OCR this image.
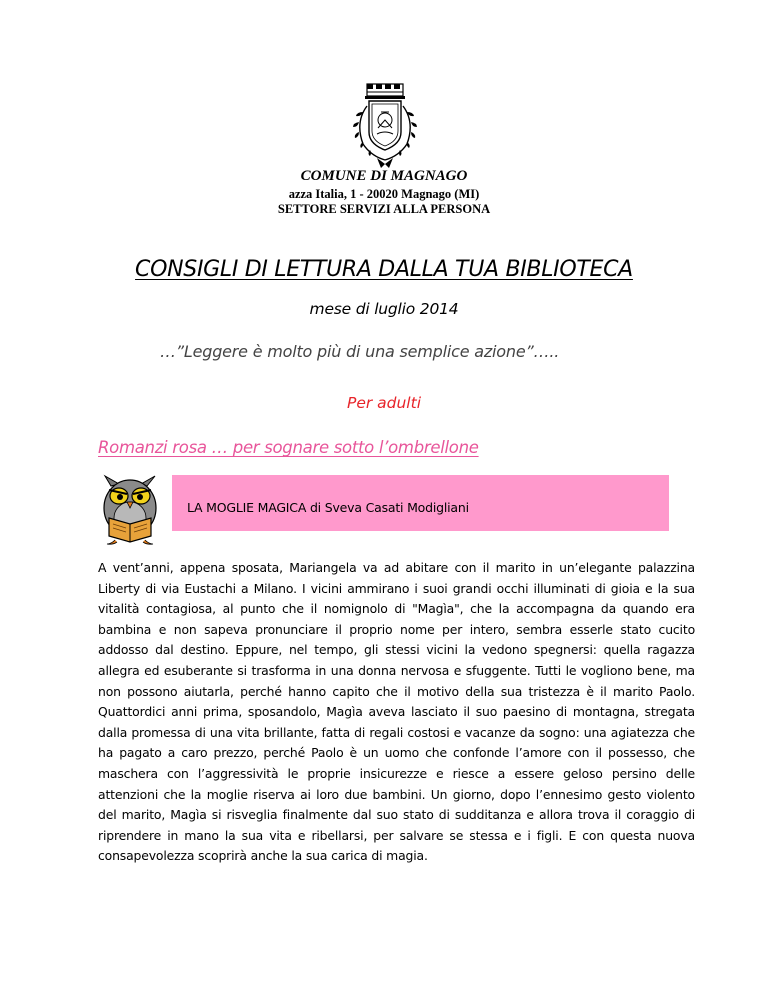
COMUNE DI MAGNAGO
azza Italia, 1 - 20020 Magnago (MI)
SETTORE SERVIZI ALLA PERSONA
CONSIGLI DI LETTURA DALLA TUA BIBLIOTECA
mese di luglio 2014
…”Leggere è molto più di una semplice azione”…..
Per adulti
Romanzi rosa … per sognare sotto l’ombrellone
LA MOGLIE MAGICA di Sveva Casati Modigliani
A vent’anni, appena sposata, Mariangela va ad abitare con il marito in un’elegante palazzina Liberty di via Eustachi a Milano. I vicini ammirano i suoi grandi occhi illuminati di gioia e la sua vitalità contagiosa, al punto che il nomignolo di "Magìa", che la accompagna da quando era bambina e non sapeva pronunciare il proprio nome per intero, sembra esserle stato cucito addosso dal destino. Eppure, nel tempo, gli stessi vicini la vedono spegnersi: quella ragazza allegra ed esuberante si trasforma in una donna nervosa e sfuggente. Tutti le vogliono bene, ma non possono aiutarla, perché hanno capito che il motivo della sua tristezza è il marito Paolo. Quattordici anni prima, sposandolo, Magìa aveva lasciato il suo paesino di montagna, stregata dalla promessa di una vita brillante, fatta di regali costosi e vacanze da sogno: una agiatezza che ha pagato a caro prezzo, perché Paolo è un uomo che confonde l’amore con il possesso, che maschera con l’aggressività le proprie insicurezze e riesce a essere geloso persino delle attenzioni che la moglie riserva ai loro due bambini. Un giorno, dopo l’ennesimo gesto violento del marito, Magìa si risveglia finalmente dal suo stato di sudditanza e allora trova il coraggio di riprendere in mano la sua vita e ribellarsi, per salvare se stessa e i figli. E con questa nuova consapevolezza scoprirà anche la sua carica di magia.
